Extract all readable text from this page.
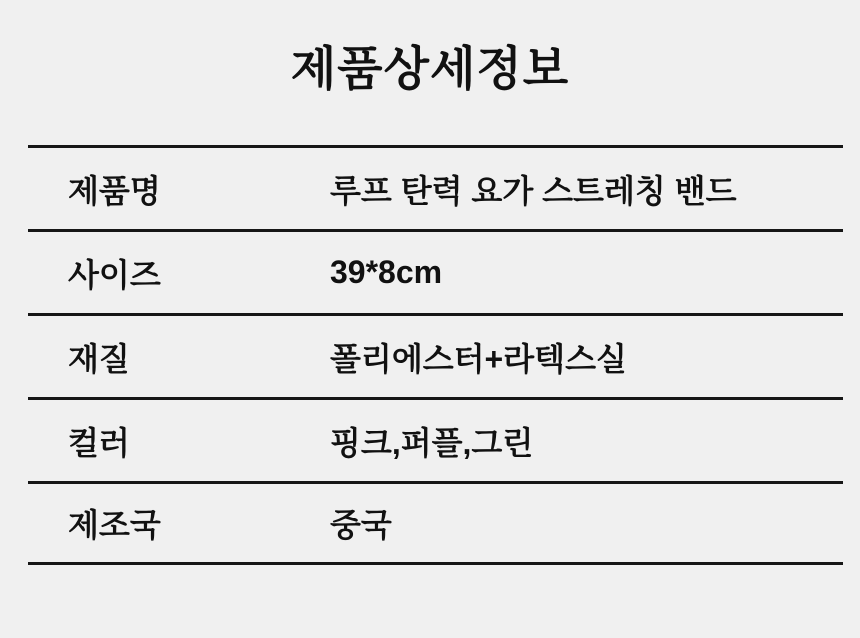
제품상세정보
제품명	루프 탄력 요가 스트레칭 밴드
사이즈	39*8cm
재질	폴리에스터+라텍스실
컬러	핑크,퍼플,그린
제조국	중국
